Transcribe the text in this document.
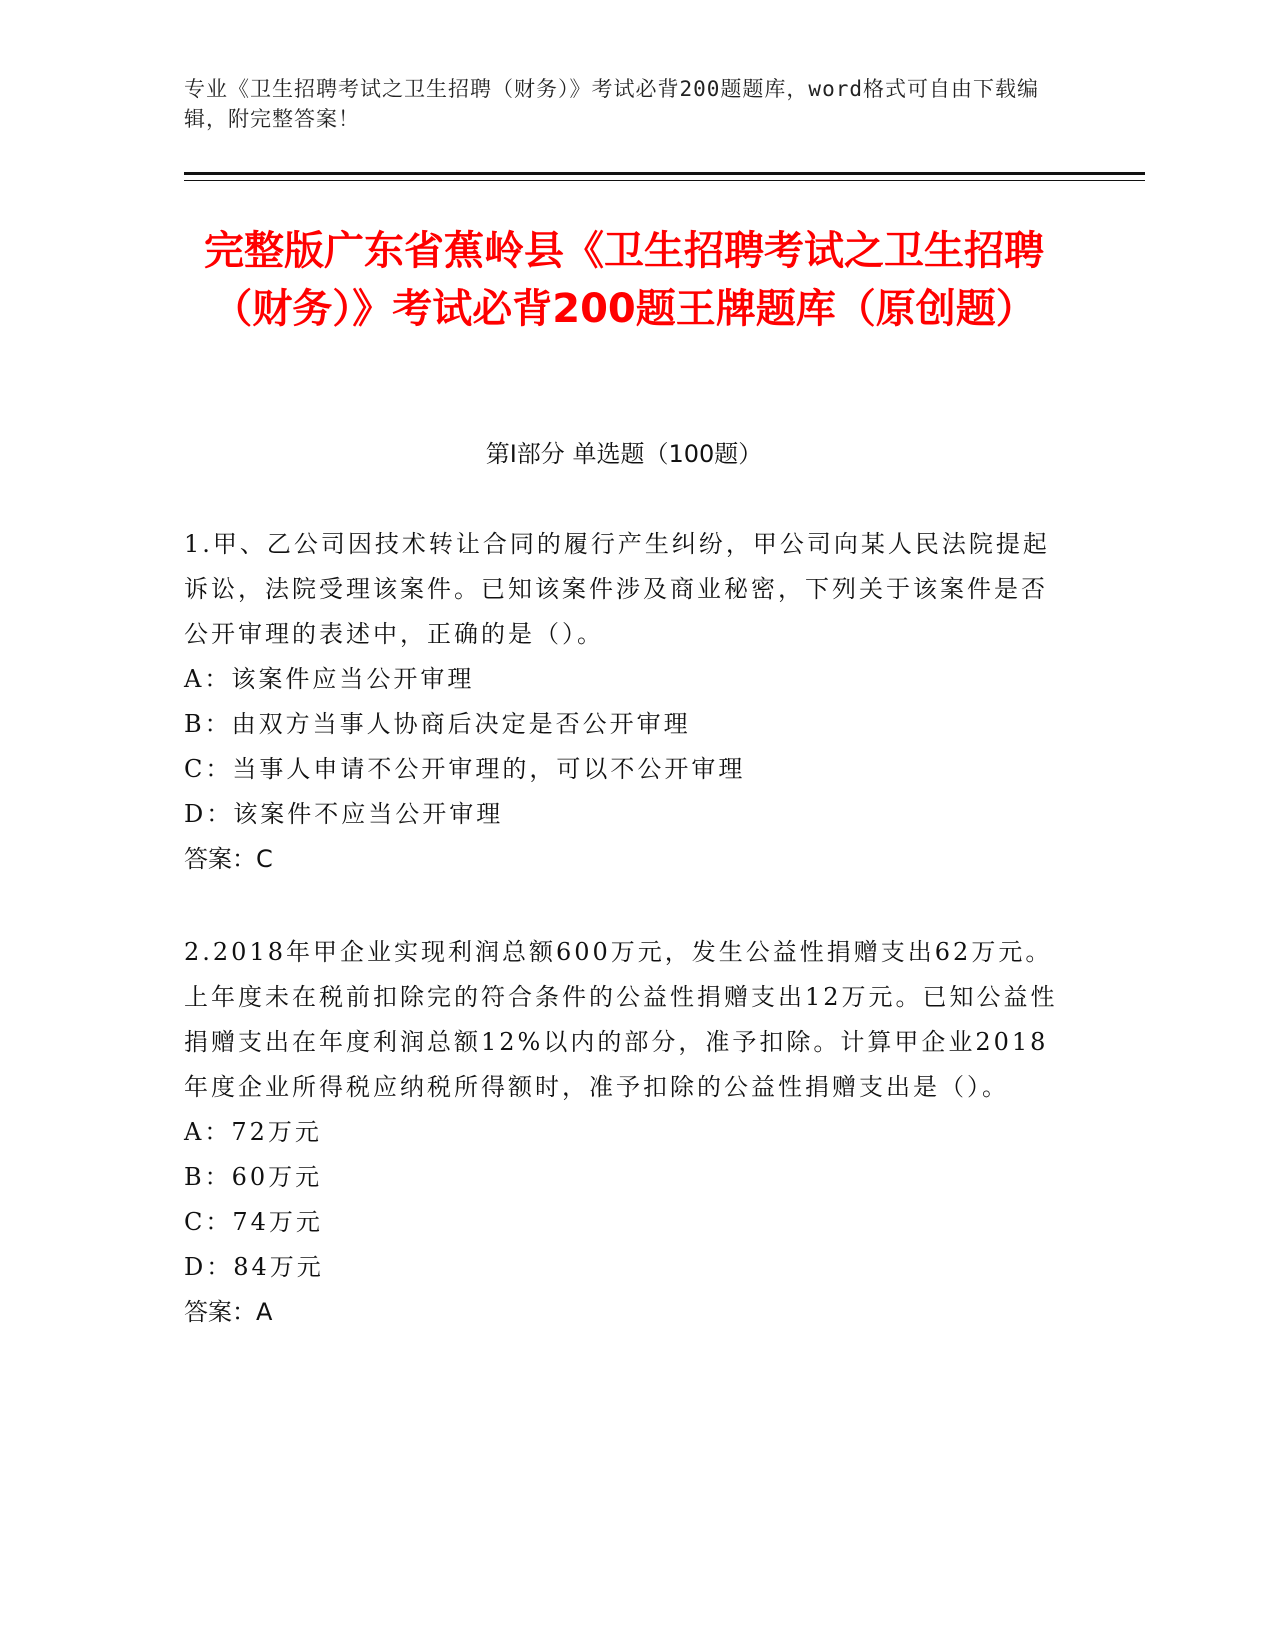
专业《卫生招聘考试之卫生招聘（财务）》考试必背200题题库，word格式可自由下载编辑，附完整答案！
完整版广东省蕉岭县《卫生招聘考试之卫生招聘（财务）》考试必背200题王牌题库（原创题）
第I部分 单选题（100题）

1.甲、乙公司因技术转让合同的履行产生纠纷，甲公司向某人民法院提起诉讼，法院受理该案件。已知该案件涉及商业秘密，下列关于该案件是否公开审理的表述中，正确的是（）。

A：该案件应当公开审理

B：由双方当事人协商后决定是否公开审理

C：当事人申请不公开审理的，可以不公开审理

D：该案件不应当公开审理

答案：C

2.2018年甲企业实现利润总额600万元，发生公益性捐赠支出62万元。上年度未在税前扣除完的符合条件的公益性捐赠支出12万元。已知公益性捐赠支出在年度利润总额12%以内的部分，准予扣除。计算甲企业2018年度企业所得税应纳税所得额时，准予扣除的公益性捐赠支出是（）。

A：72万元

B：60万元

C：74万元

D：84万元

答案：A
